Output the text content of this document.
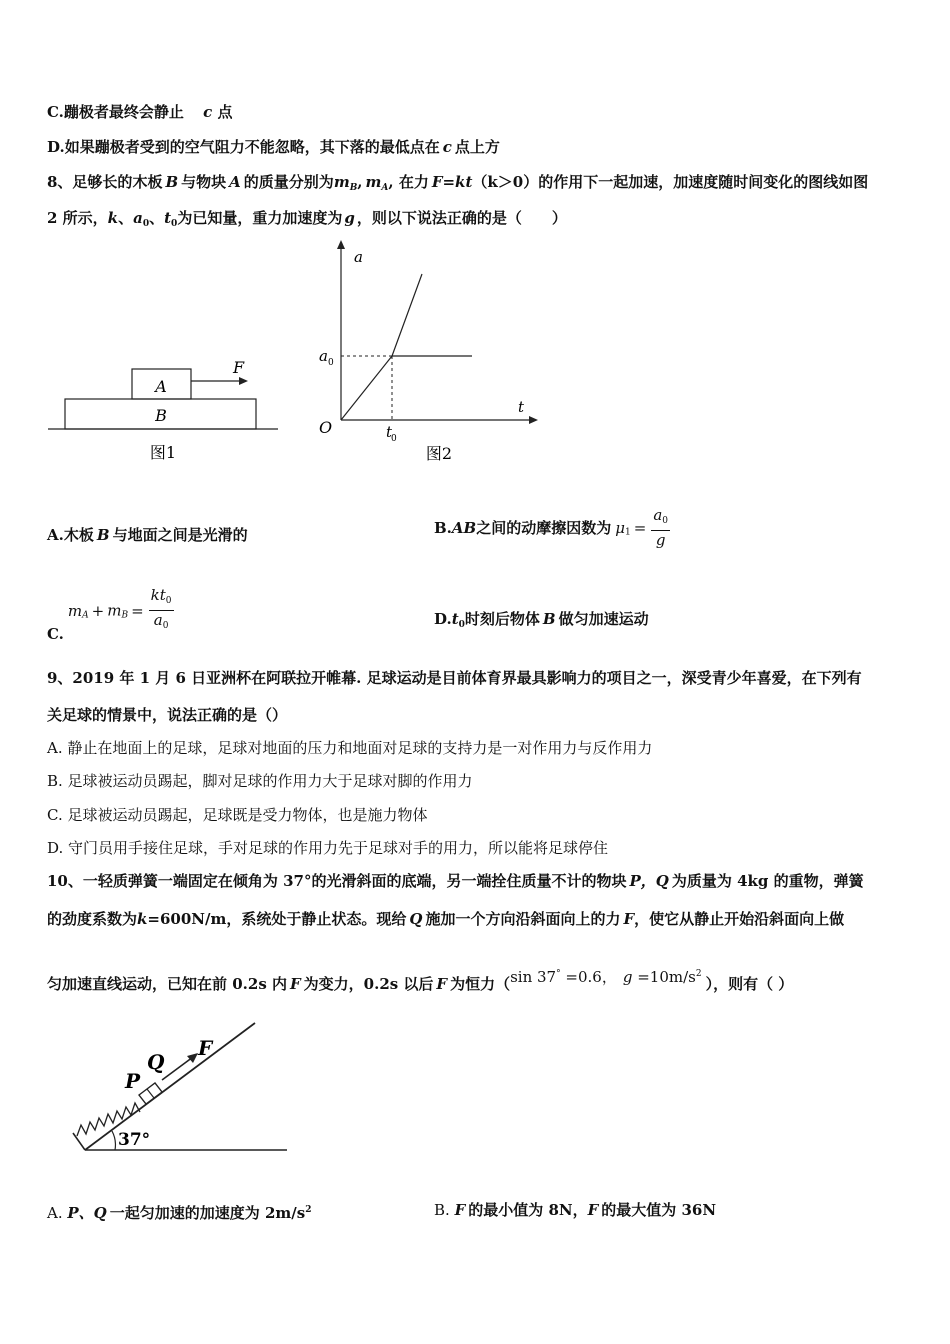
C.蹦极者最终会静止 c 点
D.如果蹦极者受到的空气阻力不能忽略，其下落的最低点在 c 点上方
8、足够长的木板 B 与物块 A 的质量分别为$m_B$, $m_A$, 在力 F=kt（k＞0）的作用下一起加速，加速度随时间变化的图线如图
2 所示，k、$a_0$、$t_0$为已知量，重力加速度为 g ，则以下说法正确的是（　　）
A
B
F
图1
a
t
O
a 0
t
0
图2
A.木板 B 与地面之间是光滑的	B.AB之间的动摩擦因数为 $\mu_1 = \frac{a_0}{g}$
$C.m_A + m_B = \frac{kt_0}{a_0}$	$D.t_0$时刻后物体 B 做匀加速运动
9、2019 年 1 月 6 日亚洲杯在阿联拉开帷幕. 足球运动是目前体育界最具影响力的项目之一，深受青少年喜爱，在下列有
关足球的情景中，说法正确的是（）
A. 静止在地面上的足球，足球对地面的压力和地面对足球的支持力是一对作用力与反作用力
B. 足球被运动员踢起，脚对足球的作用力大于足球对脚的作用力
C. 足球被运动员踢起，足球既是受力物体，也是施力物体
D. 守门员用手接住足球，手对足球的作用力先于足球对手的用力，所以能将足球停住
10、一轻质弹簧一端固定在倾角为 37°的光滑斜面的底端，另一端拴住质量不计的物块 P，Q 为质量为 4kg 的重物，弹簧
的劲度系数为k=600N/m，系统处于静止状态。现给 Q 施加一个方向沿斜面向上的力 F，使它从静止开始沿斜面向上做
匀加速直线运动，已知在前 0.2s 内 F 为变力，0.2s 以后 F 为恒力（sin 37° =0.6， $g =10m/s^2$），则有（ ）
P
Q
F
37°
A. P、Q 一起匀加速的加速度为 $2m/s^2$	B. F 的最小值为 8N，F 的最大值为 36N
